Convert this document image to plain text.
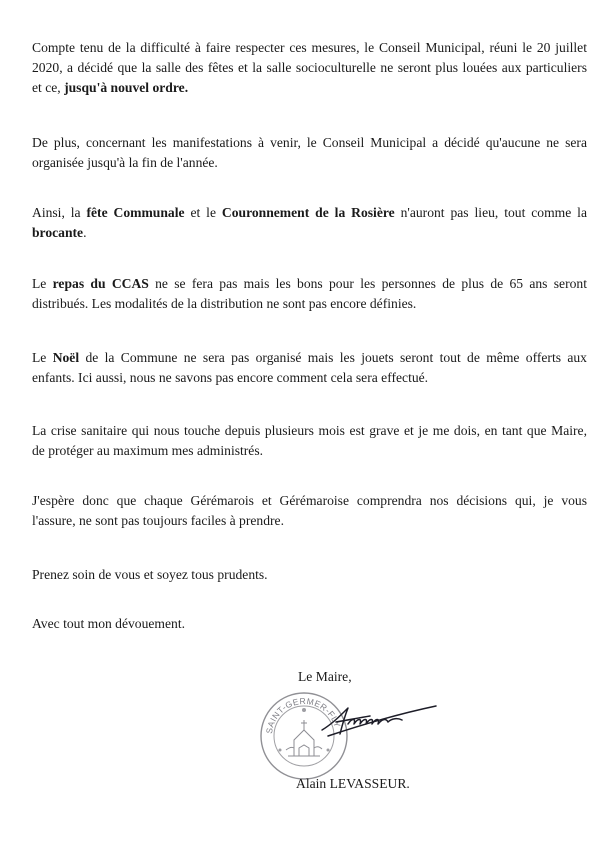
Compte tenu de la difficulté à faire respecter ces mesures, le Conseil Municipal, réuni le 20 juillet
2020, a décidé que la salle des fêtes et la salle socioculturelle ne seront plus louées aux particuliers
et ce, jusqu'à nouvel ordre.

De plus, concernant les manifestations à venir, le Conseil Municipal a décidé qu'aucune ne sera
organisée jusqu'à la fin de l'année.

Ainsi, la fête Communale et le Couronnement de la Rosière n'auront pas lieu, tout comme la
brocante.

Le repas du CCAS ne se fera pas mais les bons pour les personnes de plus de 65 ans seront
distribués. Les modalités de la distribution ne sont pas encore définies.

Le Noël de la Commune ne sera pas organisé mais les jouets seront tout de même offerts aux
enfants. Ici aussi, nous ne savons pas encore comment cela sera effectué.

La crise sanitaire qui nous touche depuis plusieurs mois est grave et je me dois, en tant que Maire,
de protéger au maximum mes administrés.

J'espère donc que chaque Gérémarois et Gérémaroise comprendra nos décisions qui, je vous
l'assure, ne sont pas toujours faciles à prendre.

Prenez soin de vous et soyez tous prudents.

Avec tout mon dévouement.

Le Maire,
SAINT-GERMER-FLY
Alain LEVASSEUR.
